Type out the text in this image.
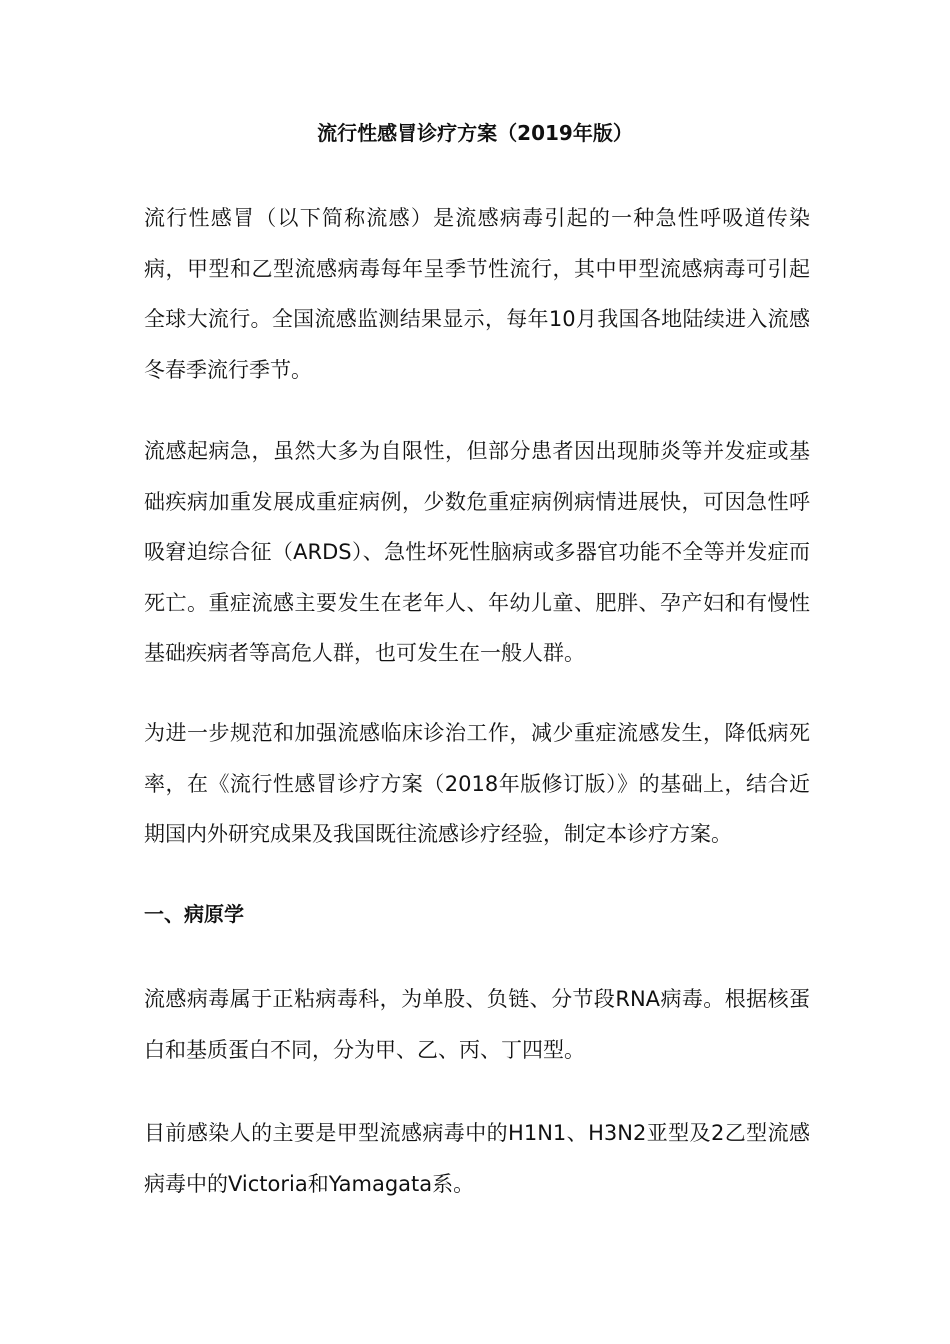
流行性感冒诊疗方案（2019年版）

流行性感冒（以下简称流感）是流感病毒引起的一种急性呼吸道传染病，甲型和乙型流感病毒每年呈季节性流行，其中甲型流感病毒可引起全球大流行。全国流感监测结果显示，每年10月我国各地陆续进入流感冬春季流行季节。

流感起病急，虽然大多为自限性，但部分患者因出现肺炎等并发症或基础疾病加重发展成重症病例，少数危重症病例病情进展快，可因急性呼吸窘迫综合征（ARDS）、急性坏死性脑病或多器官功能不全等并发症而死亡。重症流感主要发生在老年人、年幼儿童、肥胖、孕产妇和有慢性基础疾病者等高危人群，也可发生在一般人群。

为进一步规范和加强流感临床诊治工作，减少重症流感发生，降低病死率，在《流行性感冒诊疗方案（2018年版修订版）》的基础上，结合近期国内外研究成果及我国既往流感诊疗经验，制定本诊疗方案。

一、病原学

流感病毒属于正粘病毒科，为单股、负链、分节段RNA病毒。根据核蛋白和基质蛋白不同，分为甲、乙、丙、丁四型。

目前感染人的主要是甲型流感病毒中的H1N1、H3N2亚型及2乙型流感病毒中的Victoria和Yamagata系。
